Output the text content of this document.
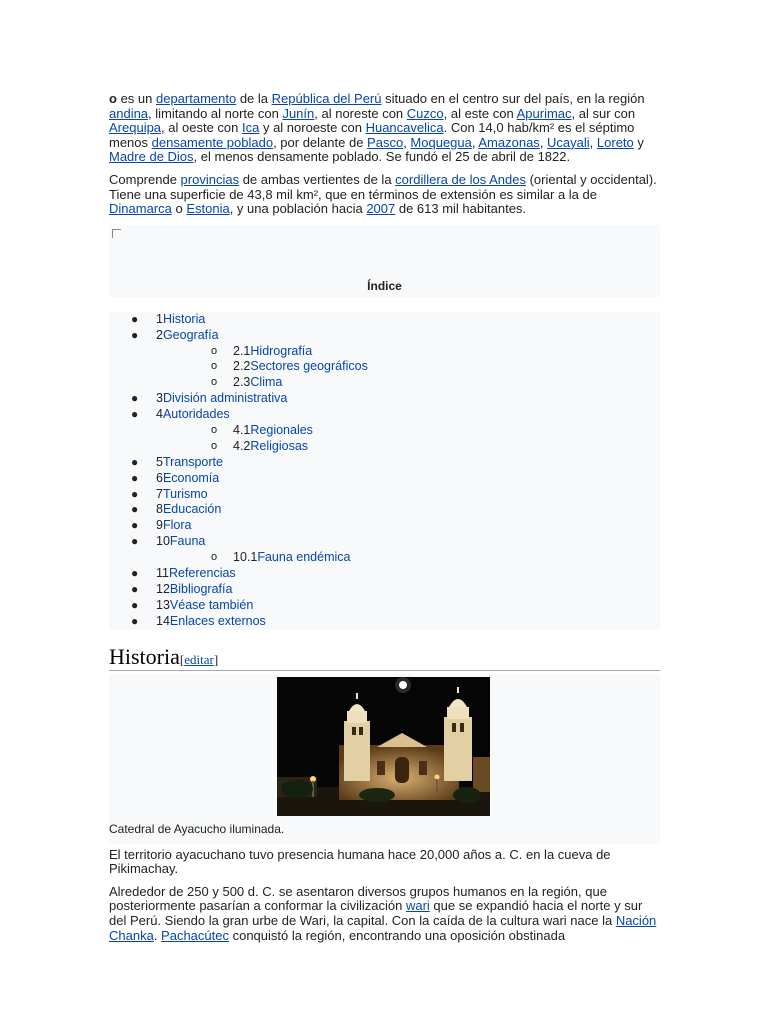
o es un departamento de la República del Perú situado en el centro sur del país, en la región andina, limitando al norte con Junín, al noreste con Cuzco, al este con Apurimac, al sur con Arequipa, al oeste con Ica y al noroeste con Huancavelica. Con 14,0 hab/km² es el séptimo menos densamente poblado, por delante de Pasco, Moquegua, Amazonas, Ucayali, Loreto y Madre de Dios, el menos densamente poblado. Se fundó el 25 de abril de 1822.

Comprende provincias de ambas vertientes de la cordillera de los Andes (oriental y occidental). Tiene una superficie de 43,8 mil km², que en términos de extensión es similar a la de Dinamarca o Estonia, y una población hacia 2007 de 613 mil habitantes.

Índice
● 1Historia
● 2Geografía
o 2.1Hidrografía
o 2.2Sectores geográficos
o 2.3Clima
● 3División administrativa
● 4Autoridades
o 4.1Regionales
o 4.2Religiosas
● 5Transporte
● 6Economía
● 7Turismo
● 8Educación
● 9Flora
● 10Fauna
o 10.1Fauna endémica
● 11Referencias
● 12Bibliografía
● 13Véase también
● 14Enlaces externos
Historia[editar]
Catedral de Ayacucho iluminada.

El territorio ayacuchano tuvo presencia humana hace 20,000 años a. C. en la cueva de Pikimachay.

Alrededor de 250 y 500 d. C. se asentaron diversos grupos humanos en la región, que posteriormente pasarían a conformar la civilización wari que se expandió hacia el norte y sur del Perú. Siendo la gran urbe de Wari, la capital. Con la caída de la cultura wari nace la Nación Chanka. Pachacútec conquistó la región, encontrando una oposición obstinada
